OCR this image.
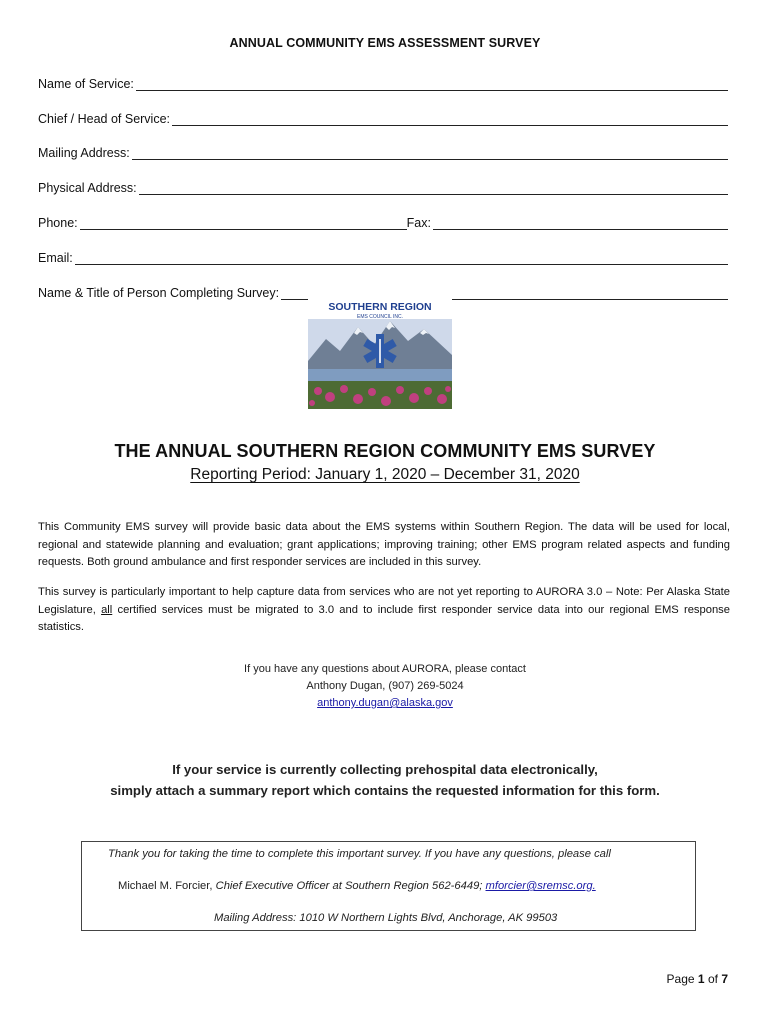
ANNUAL COMMUNITY EMS ASSESSMENT SURVEY
Name of Service:
Chief / Head of Service:
Mailing Address:
Physical Address:
Phone:	Fax:
Email:
Name & Title of Person Completing Survey:
SOUTHERN REGION
EMS COUNCIL INC.
THE ANNUAL SOUTHERN REGION COMMUNITY EMS SURVEY
Reporting Period: January 1, 2020 – December 31, 2020
This Community EMS survey will provide basic data about the EMS systems within Southern Region. The data will be used for local, regional and statewide planning and evaluation; grant applications; improving training; other EMS program related aspects and funding requests. Both ground ambulance and first responder services are included in this survey.
This survey is particularly important to help capture data from services who are not yet reporting to AURORA 3.0 – Note: Per Alaska State Legislature, all certified services must be migrated to 3.0 and to include first responder service data into our regional EMS response statistics.
If you have any questions about AURORA, please contact
Anthony Dugan, (907) 269-5024
anthony.dugan@alaska.gov
If your service is currently collecting prehospital data electronically,
simply attach a summary report which contains the requested information for this form.
Thank you for taking the time to complete this important survey. If you have any questions, please call
Michael M. Forcier, Chief Executive Officer at Southern Region 562-6449; mforcier@sremsc.org.
Mailing Address: 1010 W Northern Lights Blvd, Anchorage, AK 99503
Page 1 of 7
